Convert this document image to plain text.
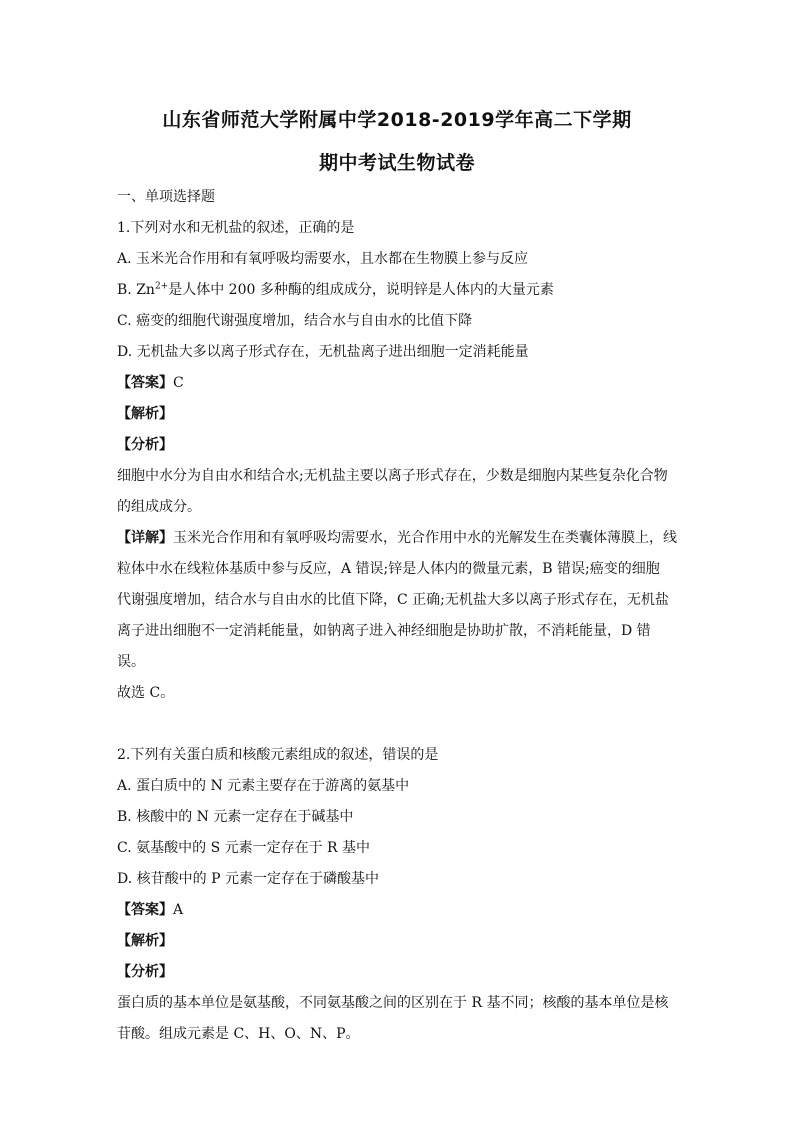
山东省师范大学附属中学2018-2019学年高二下学期
期中考试生物试卷

一、单项选择题

1.下列对水和无机盐的叙述，正确的是

A. 玉米光合作用和有氧呼吸均需要水，且水都在生物膜上参与反应

B. $Zn^{2+}$是人体中 200 多种酶的组成成分，说明锌是人体内的大量元素

C. 癌变的细胞代谢强度增加，结合水与自由水的比值下降

D. 无机盐大多以离子形式存在，无机盐离子进出细胞一定消耗能量

【答案】C

【解析】

【分析】

细胞中水分为自由水和结合水;无机盐主要以离子形式存在，少数是细胞内某些复杂化合物

的组成成分。

【详解】玉米光合作用和有氧呼吸均需要水，光合作用中水的光解发生在类囊体薄膜上，线

粒体中水在线粒体基质中参与反应，A 错误;锌是人体内的微量元素，B 错误;癌变的细胞

代谢强度增加，结合水与自由水的比值下降，C 正确;无机盐大多以离子形式存在，无机盐

离子进出细胞不一定消耗能量，如钠离子进入神经细胞是协助扩散，不消耗能量，D 错误。

故选 C。

2.下列有关蛋白质和核酸元素组成的叙述，错误的是

A. 蛋白质中的 N 元素主要存在于游离的氨基中

B. 核酸中的 N 元素一定存在于碱基中

C. 氨基酸中的 S 元素一定存在于 R 基中

D. 核苷酸中的 P 元素一定存在于磷酸基中

【答案】A

【解析】

【分析】

蛋白质的基本单位是氨基酸，不同氨基酸之间的区别在于 R 基不同；核酸的基本单位是核

苷酸。组成元素是 C、H、O、N、P。
